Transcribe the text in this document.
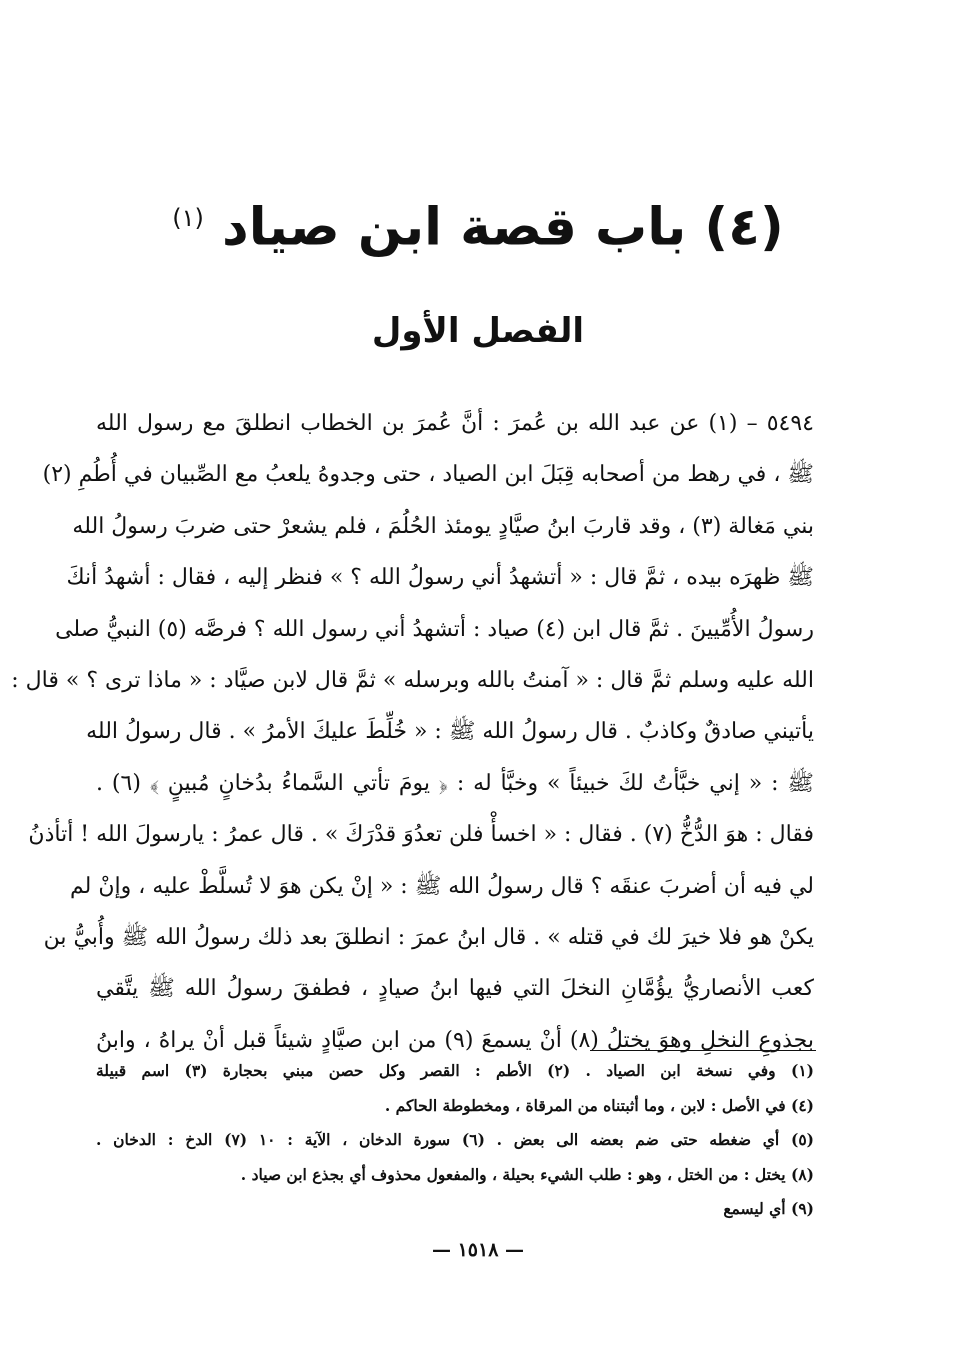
(٤) باب قصة ابن صياد $^{(١)}$
الفصل الأول
٥٤٩٤ – (١) عن عبد الله بن عُمرَ : أنَّ عُمرَ بن الخطاب انطلقَ مع رسول الله
ﷺ ، في رهط من أصحابه قِبَلَ ابن الصياد ، حتى وجدوهُ يلعبُ مع الصِّبيان في أُطُمِ (٢)
بني مَغالة (٣) ، وقد قاربَ ابنُ صيَّادٍ يومئذ الحُلُمَ ، فلم يشعرْ حتى ضربَ رسولُ الله
ﷺ ظهرَه بيده ، ثمَّ قال : « أتشهدُ أني رسولُ الله ؟ » فنظر إليه ، فقال : أشهدُ أنكَ
رسولُ الأُمِّيينَ . ثمَّ قال ابن (٤) صياد : أتشهدُ أني رسول الله ؟ فرصَّه (٥) النبيُّ صلى
الله عليه وسلم ثمَّ قال : « آمنتُ بالله وبرسله » ثمَّ قال لابن صيَّاد : « ماذا ترى ؟ » قال :
يأتيني صادقٌ وكاذبٌ . قال رسولُ الله ﷺ : « خُلِّطَ عليكَ الأمرُ » . قال رسولُ الله
ﷺ : « إني خبَّأتُ لكَ خبيئاً » وخبَّأ له : ﴿ يومَ تأتي السَّماءُ بدُخانٍ مُبينٍ ﴾ (٦) .
فقال : هوَ الدُّخُّ (٧) . فقال : « اخسأْ فلن تعدُوَ قدْرَكَ » . قال عمرُ : يارسولَ الله ! أتأذنُ
لي فيه أن أضربَ عنقَه ؟ قال رسولُ الله ﷺ : « إنْ يكن هوَ لا تُسلَّطْ عليه ، وإنْ لم
يكنْ هو فلا خيرَ لك في قتله » . قال ابنُ عمرَ : انطلقَ بعد ذلك رسولُ الله ﷺ وأُبيُّ بن
كعب الأنصاريُّ يؤُمَّانِ النخلَ التي فيها ابنُ صيادٍ ، فطفقَ رسولُ الله ﷺ يتَّقي
بجذوعِ النخلِ وهوَ يختلُ (٨) أنْ يسمعَ (٩) من ابن صيَّادٍ شيئاً قبل أنْ يراهُ ، وابنُ
(١) وفي نسخة ابن الصياد . (٢) الأطم : القصر وكل حصن مبني بحجارة (٣) اسم قبيلة
(٤) في الأصل : لابن ، وما أثبتناه من المرقاة ، ومخطوطة الحاكم .
(٥) أي ضغطه حتى ضم بعضه الى بعض . (٦) سورة الدخان ، الآية : ١٠ (٧) الدخ : الدخان .
(٨) يختل : من الختل ، وهو : طلب الشيء بحيلة ، والمفعول محذوف أي بجذع ابن صياد .
(٩) أي ليسمع
— ١٥١٨ —
